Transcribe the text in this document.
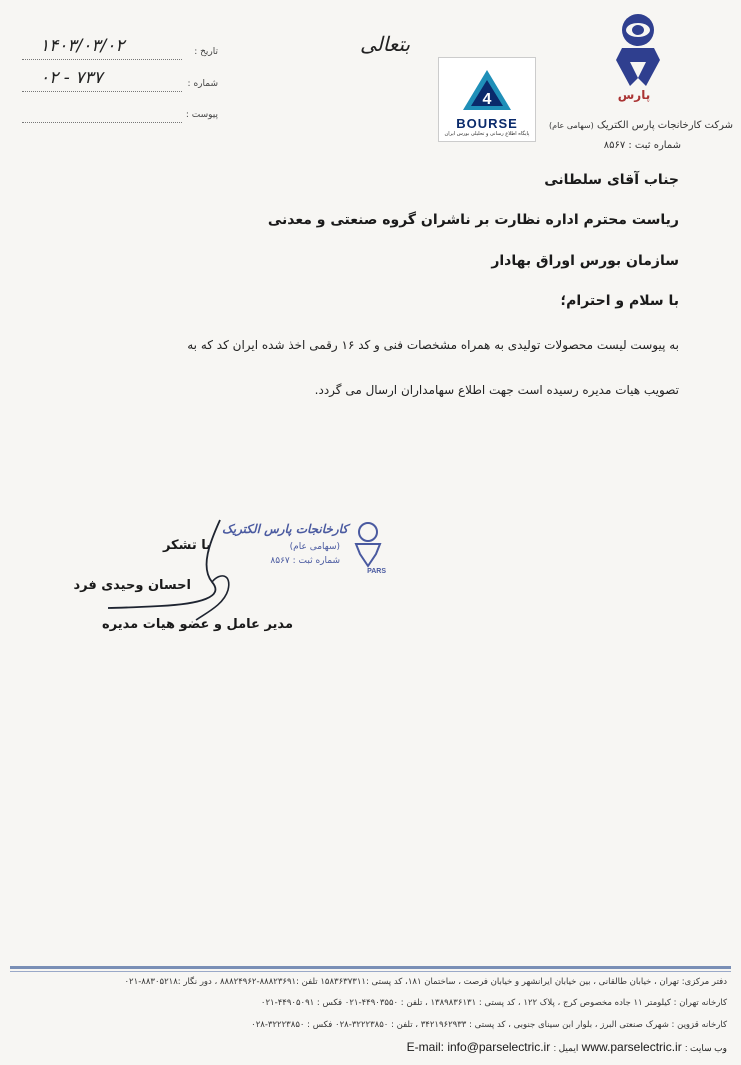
پارس
شرکت کارخانجات پارس الکتریک (سهامی عام)
شماره ثبت : ۸۵۶۷
4
BOURSE
پایگاه اطلاع رسانی و تحلیلی بورس ایران
بتعالی
تاریخ :
۱۴۰۳/۰۳/۰۲
شماره :
۰۲ - ۷۳۷
پیوست :
جناب آقای سلطانی
ریاست محترم اداره نظارت بر ناشران گروه صنعتی و معدنی
سازمان بورس اوراق بهادار
با سلام و احترام؛
به پیوست لیست محصولات تولیدی به همراه مشخصات فنی و کد ۱۶ رقمی اخذ شده ایران کد که به
تصویب هیات مدیره رسیده است جهت اطلاع سهامداران ارسال می گردد.
کارخانجات پارس الکتریک
(سهامی عام)
شماره ثبت : ۸۵۶۷
PARS
با تشکر
احسان وحیدی فرد
مدیر عامل و عضو هیات مدیره
دفتر مرکزی: تهران ، خیابان طالقانی ، بین خیابان ایرانشهر و خیابان فرصت ، ساختمان ۱۸۱، کد پستی :۱۵۸۳۶۳۷۳۱۱ تلفن :۸۸۸۲۳۶۹۱-۸۸۸۲۴۹۶۲ ، دور نگار :۸۸۳۰۵۲۱۸-۰۲۱
کارخانه تهران : کیلومتر ۱۱ جاده مخصوص کرج ، پلاک ۱۲۲ ، کد پستی : ۱۳۸۹۸۳۶۱۳۱ ، تلفن : ۴۴۹۰۳۵۵۰-۰۲۱ فکس : ۴۴۹۰۵۰۹۱-۰۲۱
کارخانه قزوین : شهرک صنعتی البرز ، بلوار ابن سینای جنوبی ، کد پستی : ۳۴۲۱۹۶۲۹۳۳ ، تلفن : ۳۲۲۲۳۸۵۰-۰۲۸ فکس : ۳۲۲۲۳۸۵۰-۰۲۸
وب سایت : www.parselectric.ir ایمیل : E-mail: info@parselectric.ir
